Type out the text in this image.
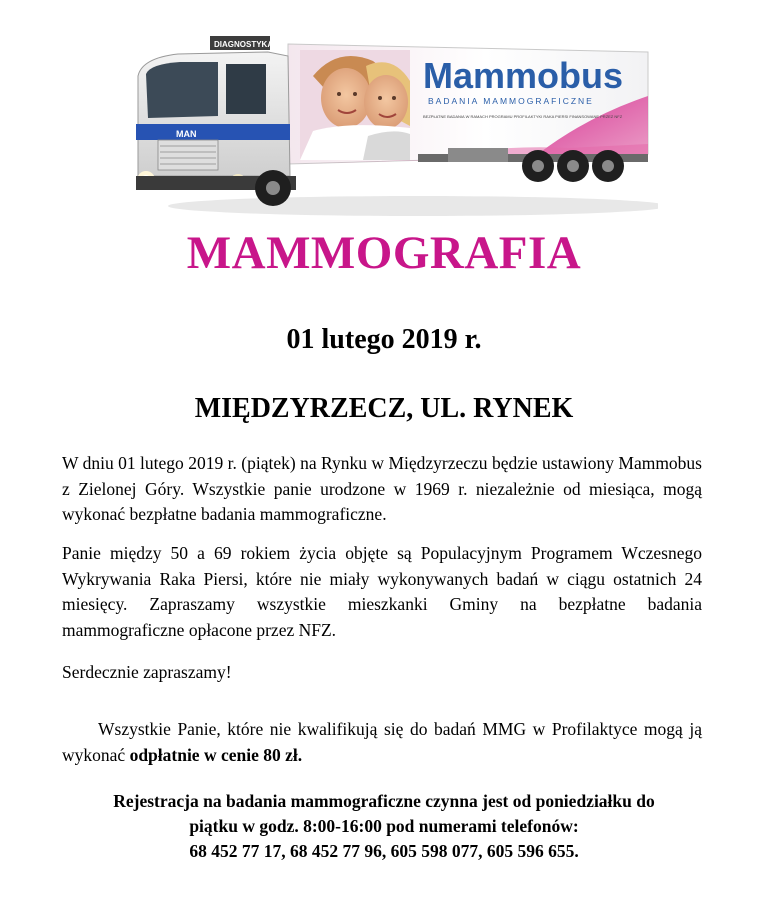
Mammobus
BADANIA MAMMOGRAFICZNE
BEZPŁATNE BADANIA W RAMACH PROGRAMU PROFILAKTYKI RAKA PIERSI FINANSOWANE PRZEZ NFZ
DIAGNOSTYKA
MAN
MAMMOGRAFIA
01 lutego 2019 r.
MIĘDZYRZECZ, UL. RYNEK

W dniu 01 lutego 2019 r. (piątek) na Rynku w Międzyrzeczu będzie ustawiony Mammobus z Zielonej Góry. Wszystkie panie urodzone w 1969 r. niezależnie od miesiąca, mogą wykonać bezpłatne badania mammograficzne.

Panie między 50 a 69 rokiem życia objęte są Populacyjnym Programem Wczesnego Wykrywania Raka Piersi, które nie miały wykonywanych badań w ciągu ostatnich 24 miesięcy. Zapraszamy wszystkie mieszkanki Gminy na bezpłatne badania mammograficzne opłacone przez NFZ.

Serdecznie zapraszamy!

Wszystkie Panie, które nie kwalifikują się do badań MMG w Profilaktyce mogą ją wykonać odpłatnie w cenie 80 zł.

Rejestracja na badania mammograficzne czynna jest od poniedziałku do
piątku w godz. 8:00-16:00 pod numerami telefonów:
68 452 77 17, 68 452 77 96, 605 598 077, 605 596 655.
